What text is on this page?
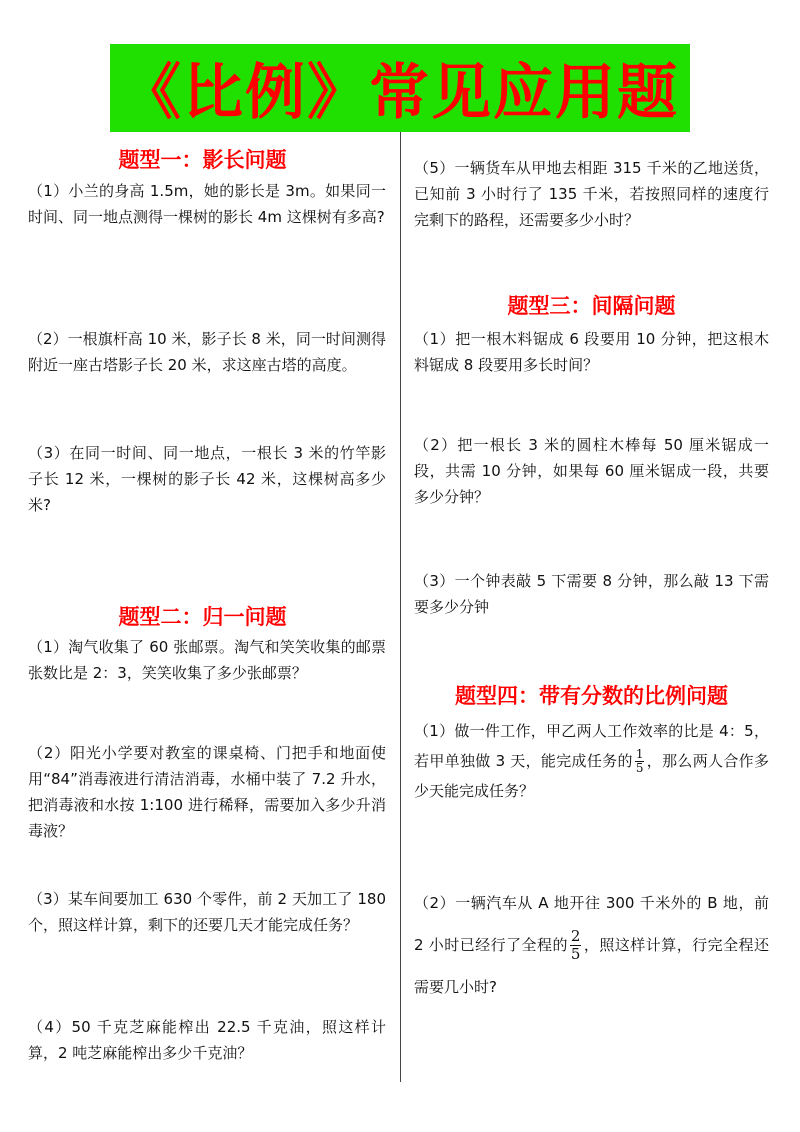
《比例》常见应用题
题型一：影长问题
（1）小兰的身高 1.5m，她的影长是 3m。如果同一时间、同一地点测得一棵树的影长 4m 这棵树有多高?
（2）一根旗杆高 10 米，影子长 8 米，同一时间测得附近一座古塔影子长 20 米，求这座古塔的高度。
（3）在同一时间、同一地点，一根长 3 米的竹竿影子长 12 米，一棵树的影子长 42 米，这棵树高多少米?
题型二：归一问题
（1）淘气收集了 60 张邮票。淘气和笑笑收集的邮票张数比是 2：3，笑笑收集了多少张邮票？
（2）阳光小学要对教室的课桌椅、门把手和地面使用“84”消毒液进行清洁消毒，水桶中装了 7.2 升水，把消毒液和水按 1:100 进行稀释，需要加入多少升消毒液？
（3）某车间要加工 630 个零件，前 2 天加工了 180 个，照这样计算，剩下的还要几天才能完成任务？
（4）50 千克芝麻能榨出 22.5 千克油，照这样计算，2 吨芝麻能榨出多少千克油？
（5）一辆货车从甲地去相距 315 千米的乙地送货，已知前 3 小时行了 135 千米，若按照同样的速度行完剩下的路程，还需要多少小时？
题型三：间隔问题
（1）把一根木料锯成 6 段要用 10 分钟，把这根木料锯成 8 段要用多长时间？
（2）把一根长 3 米的圆柱木棒每 50 厘米锯成一段，共需 10 分钟，如果每 60 厘米锯成一段，共要多少分钟？
（3）一个钟表敲 5 下需要 8 分钟，那么敲 13 下需要多少分钟
题型四：带有分数的比例问题
（1）做一件工作，甲乙两人工作效率的比是 4：5，若甲单独做 3 天，能完成任务的 $\frac{1}{5}$ ，那么两人合作多少天能完成任务？
（2）一辆汽车从 A 地开往 300 千米外的 B 地，前 2 小时已经行了全程的 $\frac{2}{5}$ ，照这样计算，行完全程还需要几小时?
